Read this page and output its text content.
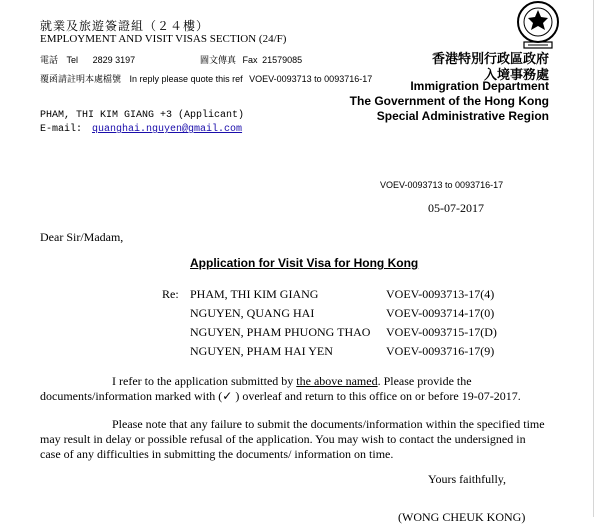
就業及旅遊簽證組（２４樓）
EMPLOYMENT AND VISIT VISAS SECTION (24/F)
電話 Tel 2829 3197	圖文傳真 Fax 21579085
覆函請註明本處檔號 In reply please quote this ref VOEV-0093713 to 0093716-17
香港特別行政區政府
入境事務處
Immigration Department
The Government of the Hong Kong
Special Administrative Region
PHAM, THI KIM GIANG +3 (Applicant)
E-mail: quanghai.nguyen@gmail.com
VOEV-0093713 to 0093716-17
05-07-2017
Dear Sir/Madam,
Application for Visit Visa for Hong Kong
Re: PHAM, THI KIM GIANG	VOEV-0093713-17(4)
NGUYEN, QUANG HAI	VOEV-0093714-17(0)
NGUYEN, PHAM PHUONG THAO VOEV-0093715-17(D)
NGUYEN, PHAM HAI YEN	VOEV-0093716-17(9)
I refer to the application submitted by the above named. Please provide the
documents/information marked with (✓ ) overleaf and return to this office on or before 19-07-2017.
Please note that any failure to submit the documents/information within the specified time
may result in delay or possible refusal of the application. You may wish to contact the undersigned in
case of any difficulties in submitting the documents/ information on time.
Yours faithfully,
(WONG CHEUK KONG)
